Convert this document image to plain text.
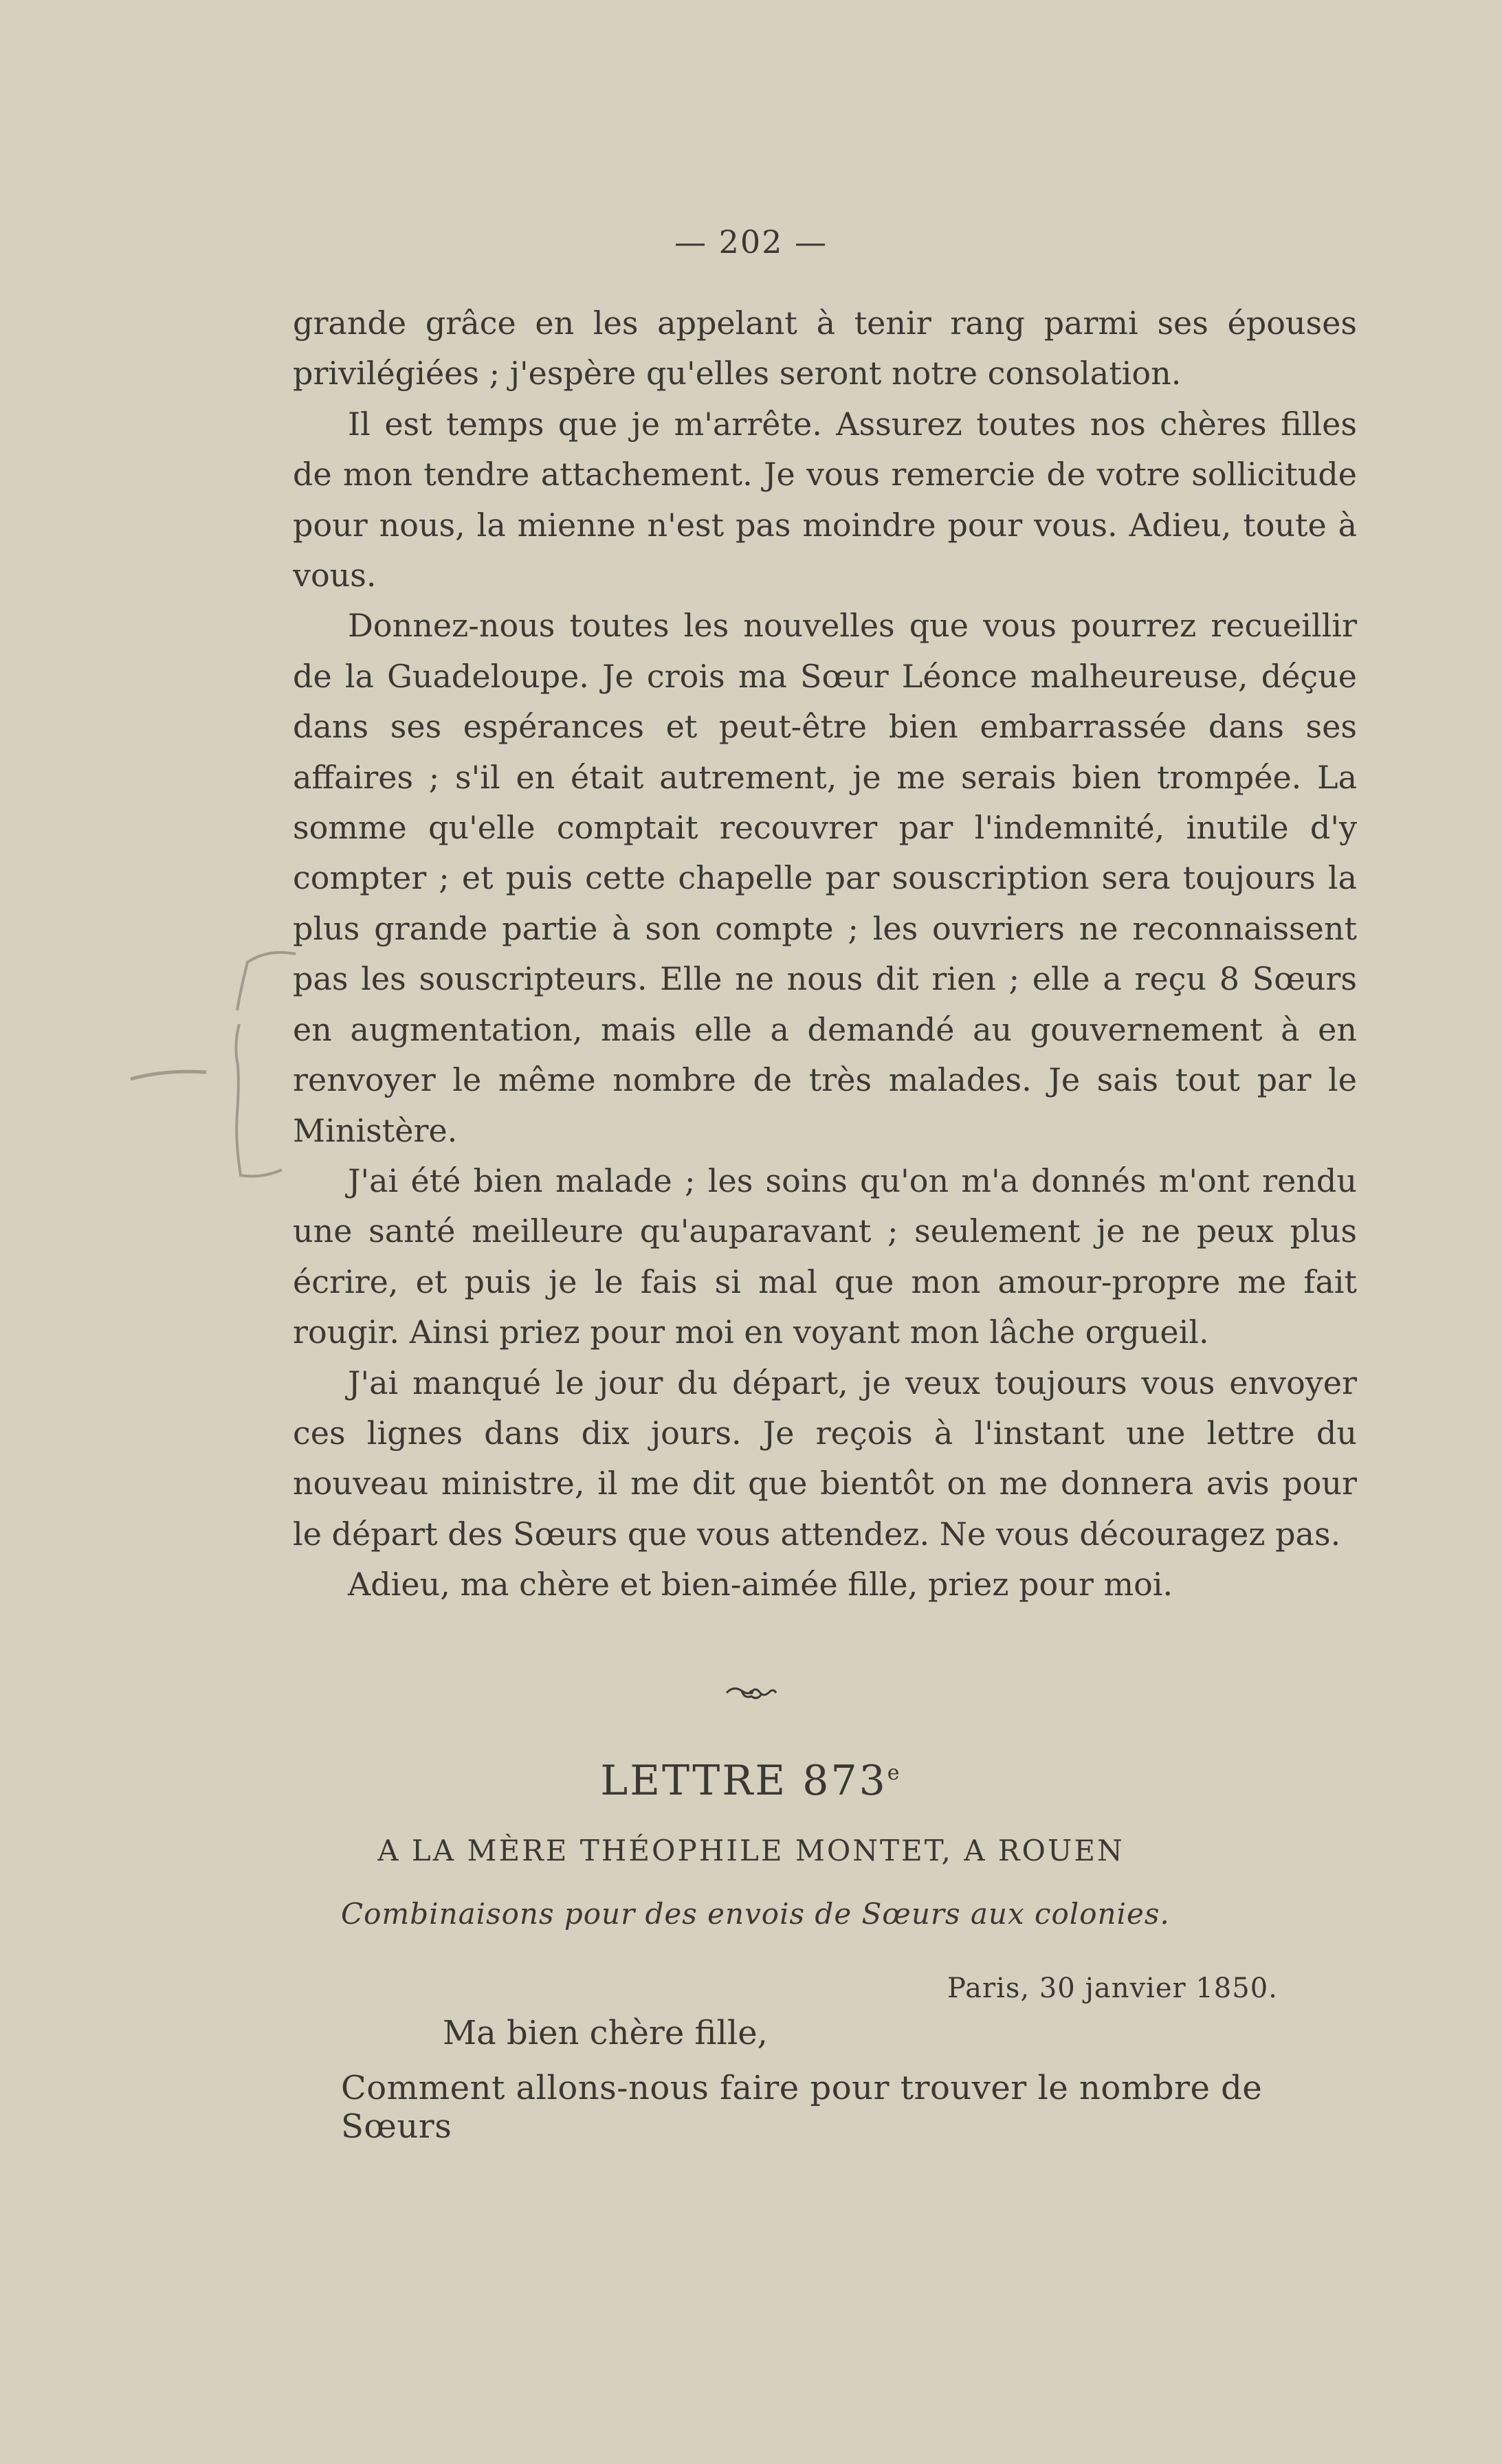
— 202 —

grande grâce en les appelant à tenir rang parmi ses épouses privilégiées ; j'espère qu'elles seront notre consolation.

Il est temps que je m'arrête. Assurez toutes nos chères filles de mon tendre attachement. Je vous remercie de votre sollicitude pour nous, la mienne n'est pas moindre pour vous. Adieu, toute à vous.

Donnez-nous toutes les nouvelles que vous pourrez recueillir de la Guadeloupe. Je crois ma Sœur Léonce malheureuse, déçue dans ses espérances et peut-être bien embarrassée dans ses affaires ; s'il en était autrement, je me serais bien trompée. La somme qu'elle comptait recouvrer par l'indemnité, inutile d'y compter ; et puis cette chapelle par souscription sera toujours la plus grande partie à son compte ; les ouvriers ne reconnaissent pas les souscripteurs. Elle ne nous dit rien ; elle a reçu 8 Sœurs en augmentation, mais elle a demandé au gouvernement à en renvoyer le même nombre de très malades. Je sais tout par le Ministère.

J'ai été bien malade ; les soins qu'on m'a donnés m'ont rendu une santé meilleure qu'auparavant ; seulement je ne peux plus écrire, et puis je le fais si mal que mon amour-propre me fait rougir. Ainsi priez pour moi en voyant mon lâche orgueil.

J'ai manqué le jour du départ, je veux toujours vous envoyer ces lignes dans dix jours. Je reçois à l'instant une lettre du nouveau ministre, il me dit que bientôt on me donnera avis pour le départ des Sœurs que vous attendez. Ne vous découragez pas.

Adieu, ma chère et bien-aimée fille, priez pour moi.

LETTRE 873e
A LA MÈRE THÉOPHILE MONTET, A ROUEN
Combinaisons pour des envois de Sœurs aux colonies.
Paris, 30 janvier 1850.
Ma bien chère fille,
Comment allons-nous faire pour trouver le nombre de Sœurs
